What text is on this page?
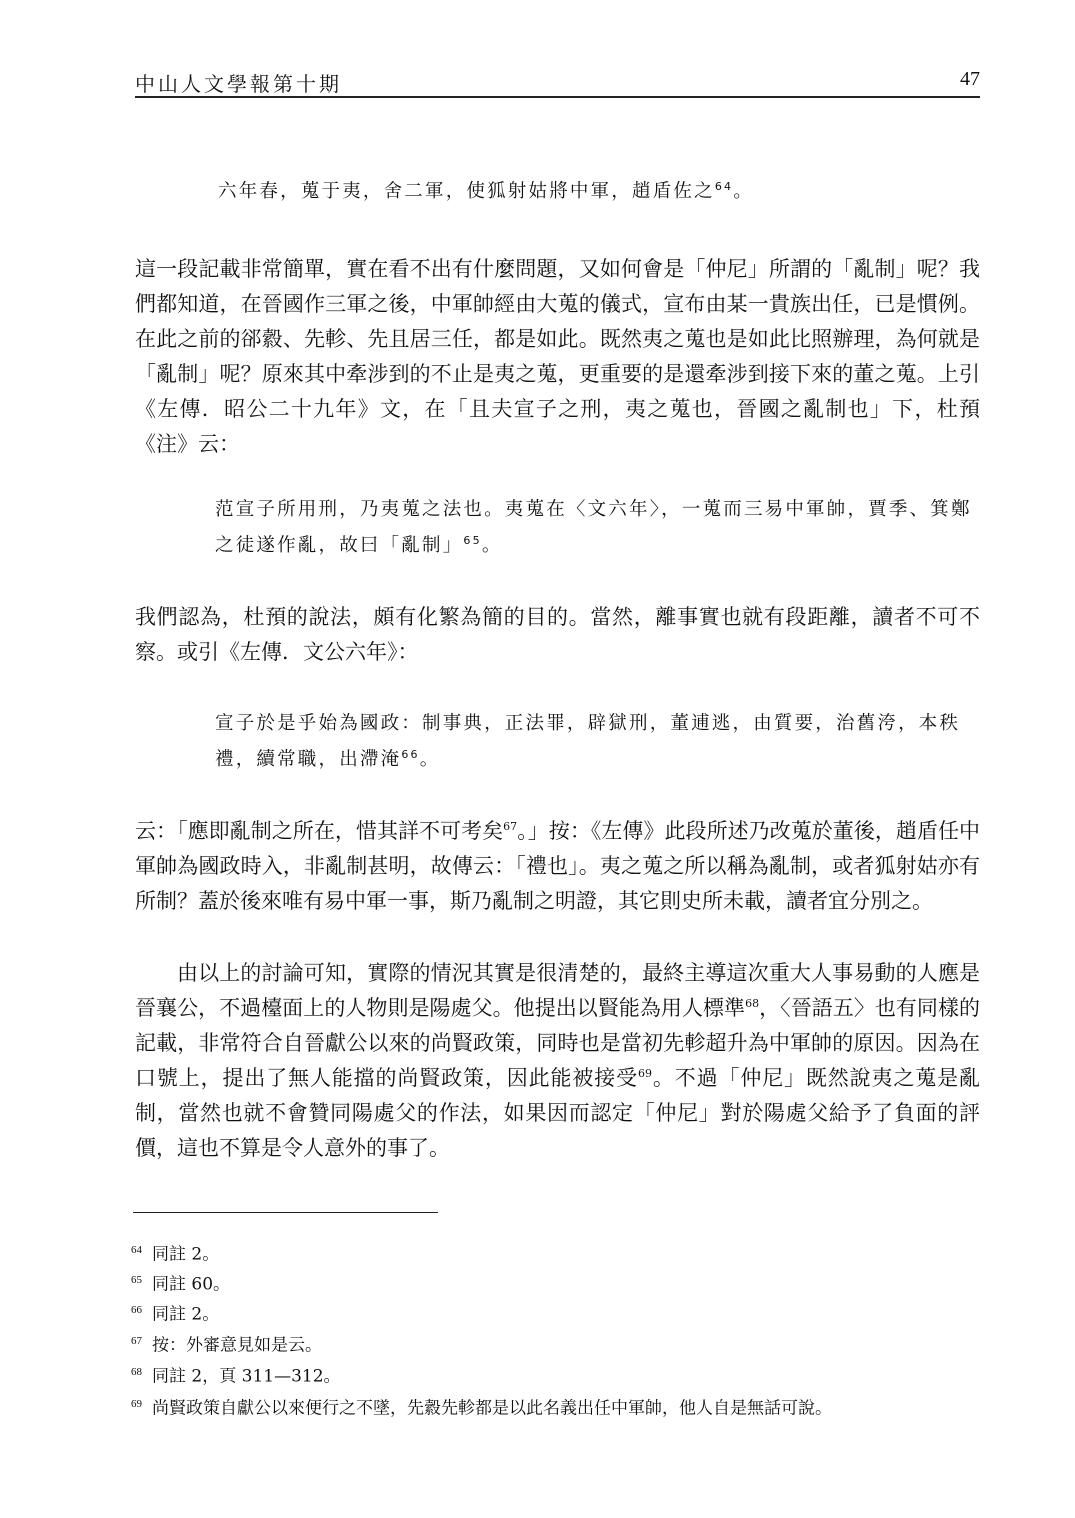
中山人文學報第十期	47
六年春，蒐于夷，舍二軍，使狐射姑將中軍，趙盾佐之$^{64}$。
這一段記載非常簡單，實在看不出有什麼問題，又如何會是「仲尼」所謂的「亂制」呢？我們都知道，在晉國作三軍之後，中軍帥經由大蒐的儀式，宣布由某一貴族出任，已是慣例。在此之前的郤縠、先軫、先且居三任，都是如此。既然夷之蒐也是如此比照辦理，為何就是「亂制」呢？原來其中牽涉到的不止是夷之蒐，更重要的是還牽涉到接下來的董之蒐。上引《左傳．昭公二十九年》文，在「且夫宣子之刑，夷之蒐也，晉國之亂制也」下，杜預《注》云：
范宣子所用刑，乃夷蒐之法也。夷蒐在〈文六年〉，一蒐而三易中軍帥，賈季、箕鄭之徒遂作亂，故曰「亂制」$^{65}$。
我們認為，杜預的說法，頗有化繁為簡的目的。當然，離事實也就有段距離，讀者不可不察。或引《左傳．文公六年》：
宣子於是乎始為國政：制事典，正法罪，辟獄刑，董逋逃，由質要，治舊洿，本秩禮，續常職，出滯淹$^{66}$。
云：「應即亂制之所在，惜其詳不可考矣$^{67}$。」按：《左傳》此段所述乃改蒐於董後，趙盾任中軍帥為國政時入，非亂制甚明，故傳云：「禮也」。夷之蒐之所以稱為亂制，或者狐射姑亦有所制？蓋於後來唯有易中軍一事，斯乃亂制之明證，其它則史所未載，讀者宜分別之。
由以上的討論可知，實際的情況其實是很清楚的，最終主導這次重大人事易動的人應是晉襄公，不過檯面上的人物則是陽處父。他提出以賢能為用人標準$^{68}$，〈晉語五〉也有同樣的記載，非常符合自晉獻公以來的尚賢政策，同時也是當初先軫超升為中軍帥的原因。因為在口號上，提出了無人能擋的尚賢政策，因此能被接受$^{69}$。不過「仲尼」既然說夷之蒐是亂制，當然也就不會贊同陽處父的作法，如果因而認定「仲尼」對於陽處父給予了負面的評價，這也不算是令人意外的事了。
$^{64}$ 同註 2。
$^{65}$ 同註 60。
$^{66}$ 同註 2。
$^{67}$ 按：外審意見如是云。
$^{68}$ 同註 2，頁 311—312。
$^{69}$ 尚賢政策自獻公以來便行之不墜，先縠先軫都是以此名義出任中軍帥，他人自是無話可說。
